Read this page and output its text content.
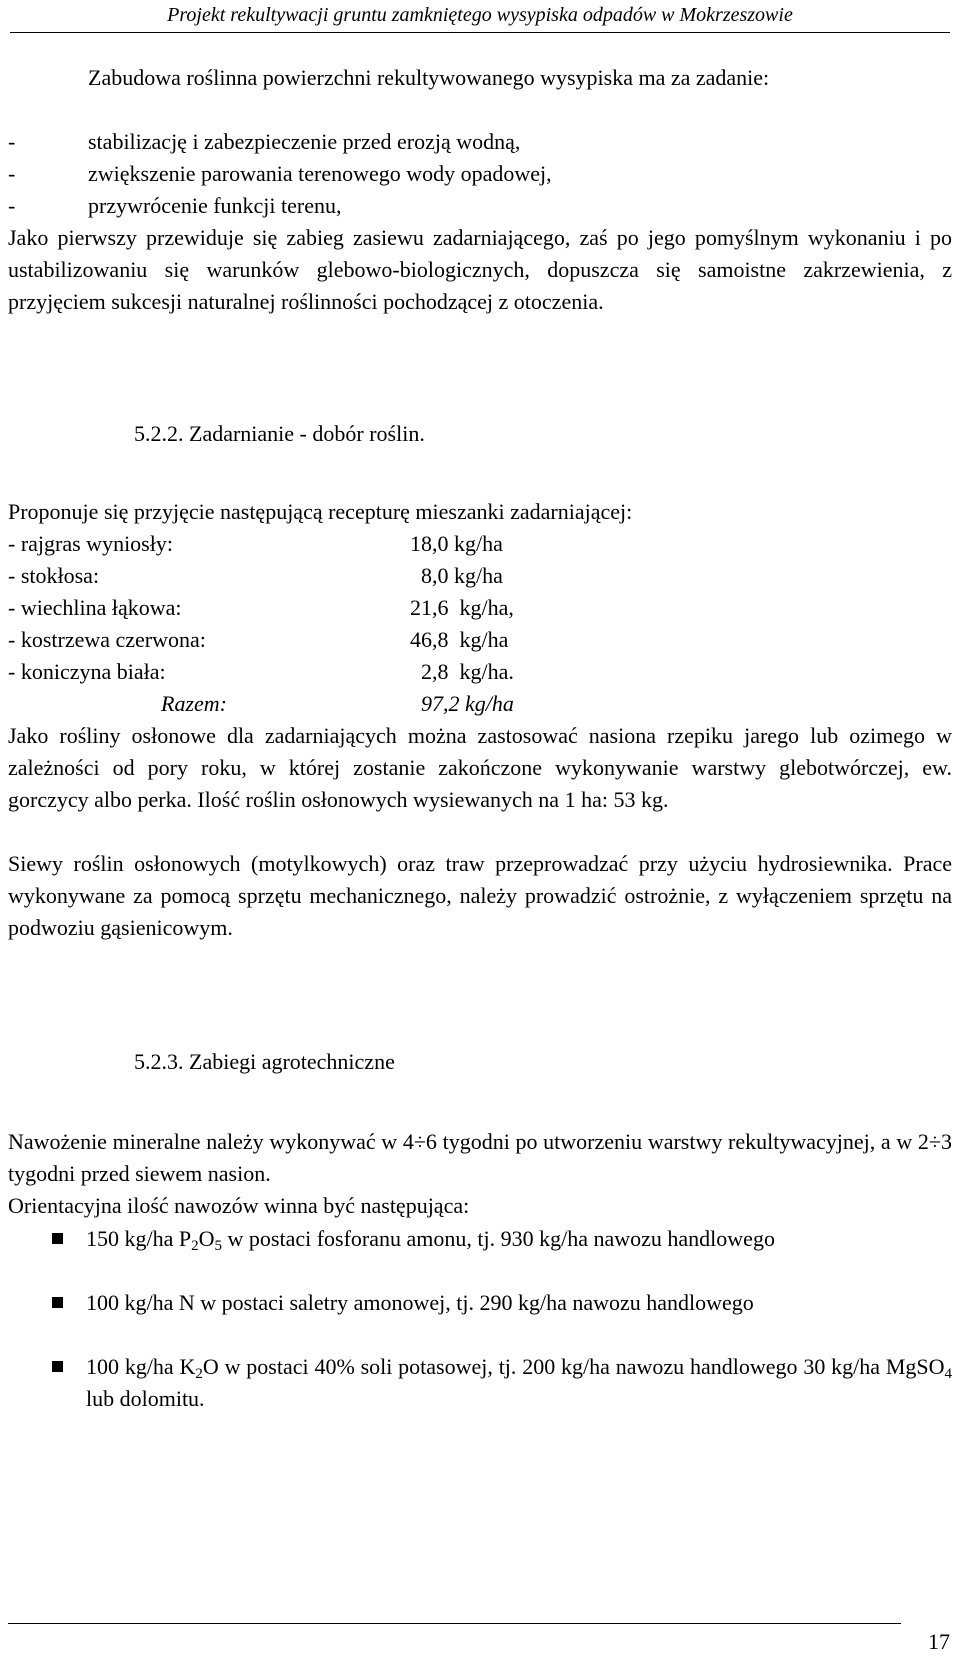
Projekt rekultywacji gruntu zamkniętego wysypiska odpadów w Mokrzeszowie

Zabudowa roślinna powierzchni rekultywowanego wysypiska ma za zadanie:

-	stabilizację i zabezpieczenie przed erozją wodną,
-	zwiększenie parowania terenowego wody opadowej,
-	przywrócenie funkcji terenu,

Jako pierwszy przewiduje się zabieg zasiewu zadarniającego, zaś po jego pomyślnym wykonaniu i po ustabilizowaniu się warunków glebowo-biologicznych, dopuszcza się samoistne zakrzewienia, z przyjęciem sukcesji naturalnej roślinności pochodzącej z otoczenia.

5.2.2. Zadarnianie - dobór roślin.

Proponuje się przyjęcie następującą recepturę mieszanki zadarniającej:

- rajgras wyniosły:	18,0 kg/ha
- stokłosa:	8,0 kg/ha
- wiechlina łąkowa:	21,6  kg/ha,
- kostrzewa czerwona:	46,8  kg/ha
- koniczyna biała:	2,8  kg/ha.
Razem:	97,2 kg/ha

Jako rośliny osłonowe dla zadarniających można zastosować nasiona rzepiku jarego lub ozimego w zależności od pory roku, w której zostanie zakończone wykonywanie warstwy glebotwórczej, ew. gorczycy albo perka. Ilość roślin osłonowych wysiewanych na 1 ha: 53 kg.

Siewy roślin osłonowych (motylkowych) oraz traw przeprowadzać przy użyciu hydrosiewnika. Prace wykonywane za pomocą sprzętu mechanicznego, należy prowadzić ostrożnie, z wyłączeniem sprzętu na podwoziu gąsienicowym.

5.2.3. Zabiegi agrotechniczne

Nawożenie mineralne należy wykonywać w 4÷6 tygodni po utworzeniu warstwy rekultywacyjnej, a w 2÷3 tygodni przed siewem nasion.

Orientacyjna ilość nawozów winna być następująca:

150 kg/ha $P_2O_5$ w postaci fosforanu amonu, tj. 930 kg/ha nawozu handlowego
100 kg/ha N w postaci saletry amonowej, tj. 290 kg/ha nawozu handlowego
100 kg/ha $K_2O$ w postaci 40% soli potasowej, tj. 200 kg/ha nawozu handlowego 30 kg/ha MgSO$_4$ lub dolomitu.
17
